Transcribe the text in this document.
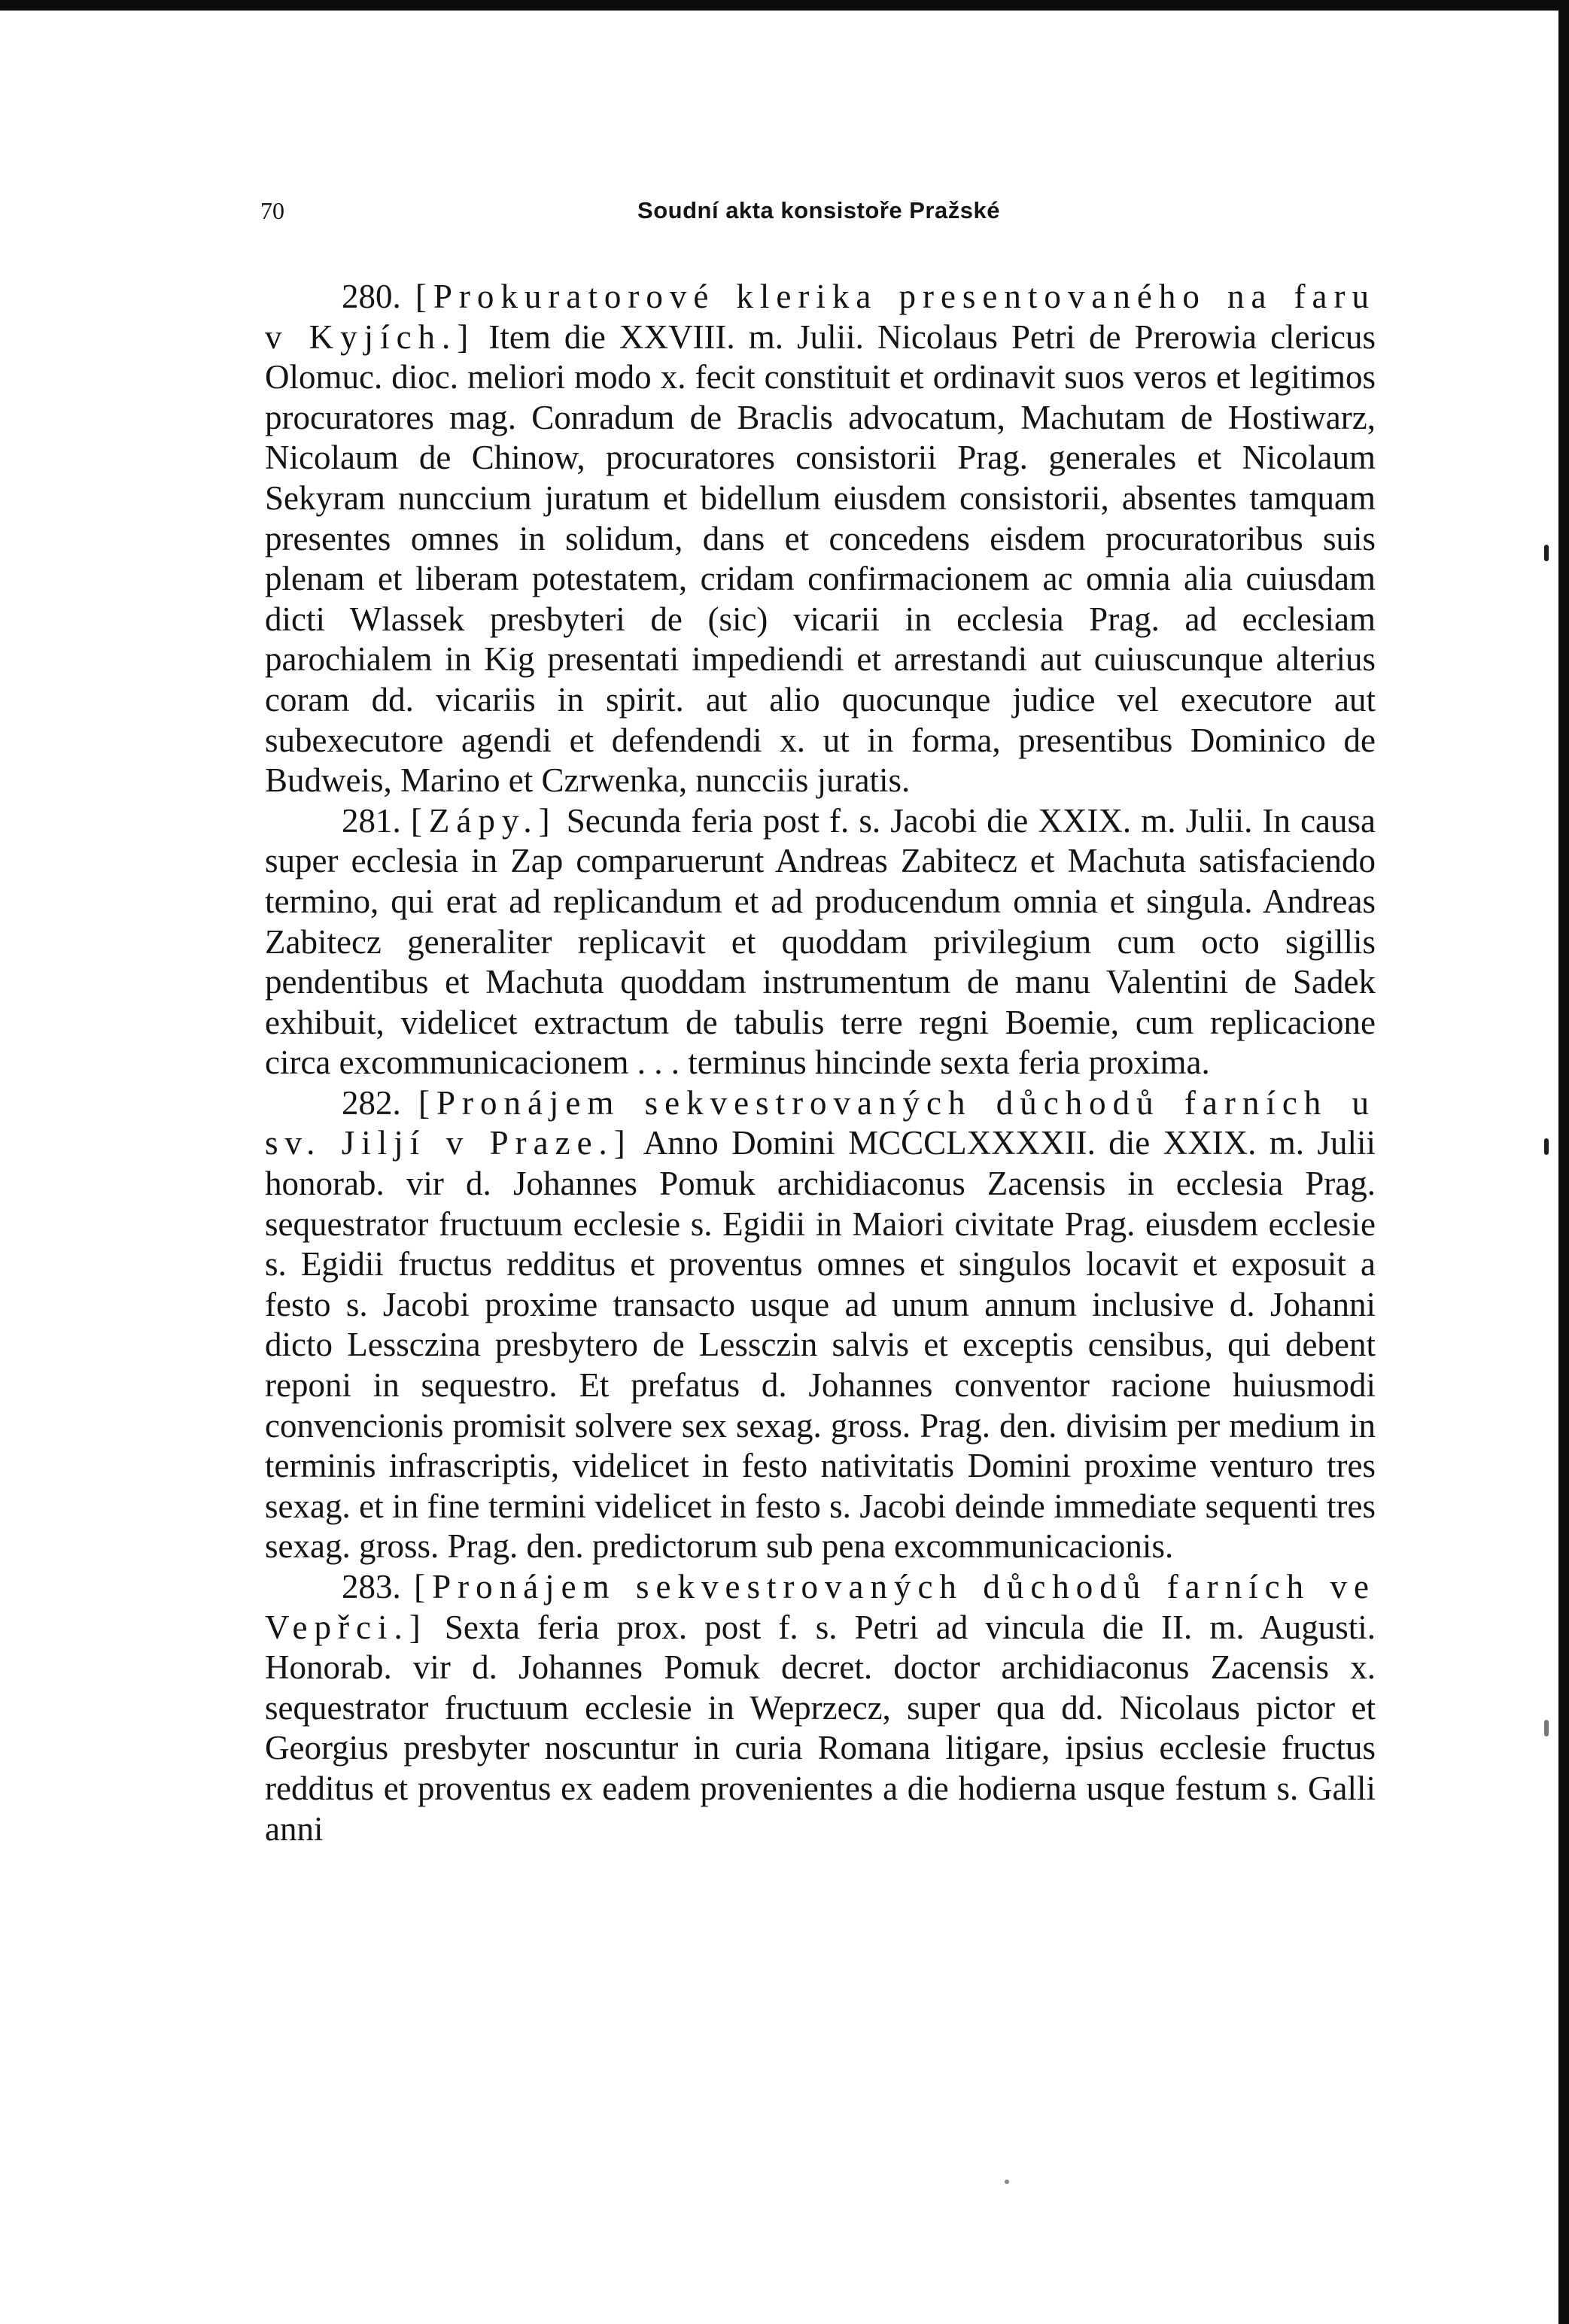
70	Soudní akta konsistoře Pražské

280. [Prokuratorové klerika presentovaného na faru v Kyjích.] Item die XXVIII. m. Julii. Nicolaus Petri de Prerowia clericus Olomuc. dioc. meliori modo x. fecit constituit et ordinavit suos veros et legitimos procuratores mag. Conradum de Braclis advocatum, Machutam de Hostiwarz, Nicolaum de Chinow, procuratores consistorii Prag. generales et Nicolaum Sekyram nunccium juratum et bidellum eiusdem consistorii, absentes tamquam presentes omnes in solidum, dans et concedens eisdem procuratoribus suis plenam et liberam potestatem, cridam confirmacionem ac omnia alia cuiusdam dicti Wlassek presbyteri de (sic) vicarii in ecclesia Prag. ad ecclesiam parochialem in Kig presentati impediendi et arrestandi aut cuiuscunque alterius coram dd. vicariis in spirit. aut alio quocunque judice vel executore aut subexecutore agendi et defendendi x. ut in forma, presentibus Dominico de Budweis, Marino et Czrwenka, nuncciis juratis.

281. [Zápy.] Secunda feria post f. s. Jacobi die XXIX. m. Julii. In causa super ecclesia in Zap comparuerunt Andreas Zabitecz et Machuta satisfaciendo termino, qui erat ad replicandum et ad producendum omnia et singula. Andreas Zabitecz generaliter replicavit et quoddam privilegium cum octo sigillis pendentibus et Machuta quoddam instrumentum de manu Valentini de Sadek exhibuit, videlicet extractum de tabulis terre regni Boemie, cum replicacione circa excommunicacionem . . . terminus hincinde sexta feria proxima.

282. [Pronájem sekvestrovaných důchodů farních u sv. Jiljí v Praze.] Anno Domini MCCCLXXXXII. die XXIX. m. Julii honorab. vir d. Johannes Pomuk archidiaconus Zacensis in ecclesia Prag. sequestrator fructuum ecclesie s. Egidii in Maiori civitate Prag. eiusdem ecclesie s. Egidii fructus redditus et proventus omnes et singulos locavit et exposuit a festo s. Jacobi proxime transacto usque ad unum annum inclusive d. Johanni dicto Lessczina presbytero de Lessczin salvis et exceptis censibus, qui debent reponi in sequestro. Et prefatus d. Johannes conventor racione huiusmodi convencionis promisit solvere sex sexag. gross. Prag. den. divisim per medium in terminis infrascriptis, videlicet in festo nativitatis Domini proxime venturo tres sexag. et in fine termini videlicet in festo s. Jacobi deinde immediate sequenti tres sexag. gross. Prag. den. predictorum sub pena excommunicacionis.

283. [Pronájem sekvestrovaných důchodů farních ve Vepřci.] Sexta feria prox. post f. s. Petri ad vincula die II. m. Augusti. Honorab. vir d. Johannes Pomuk decret. doctor archidiaconus Zacensis x. sequestrator fructuum ecclesie in Weprzecz, super qua dd. Nicolaus pictor et Georgius presbyter noscuntur in curia Romana litigare, ipsius ecclesie fructus redditus et proventus ex eadem provenientes a die hodierna usque festum s. Galli anni
